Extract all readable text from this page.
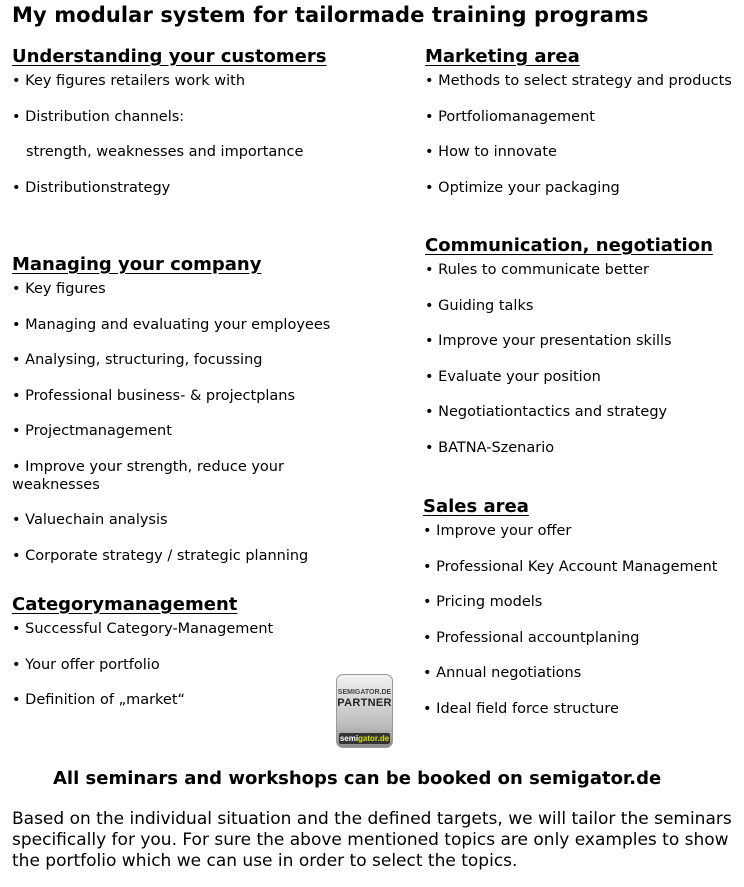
My modular system for tailormade training programs
Understanding your customers
• Key figures retailers work with
• Distribution channels:
strength, weaknesses and importance
• Distributionstrategy
Managing your company
• Key figures
• Managing and evaluating your employees
• Analysing, structuring, focussing
• Professional business- & projectplans
• Projectmanagement
• Improve your strength, reduce your weaknesses
• Valuechain analysis
• Corporate strategy / strategic planning
Categorymanagement
• Successful Category-Management
• Your offer portfolio
• Definition of „market“
Marketing area
• Methods to select strategy and products
• Portfoliomanagement
• How to innovate
• Optimize your packaging
Communication, negotiation
• Rules to communicate better
• Guiding talks
• Improve your presentation skills
• Evaluate your position
• Negotiationtactics and strategy
• BATNA-Szenario
Sales area
• Improve your offer
• Professional Key Account Management
• Pricing models
• Professional accountplaning
• Annual negotiations
• Ideal field force structure
SEMIGATOR.DE
PARTNER
semigator.de
All seminars and workshops can be booked on semigator.de
Based on the individual situation and the defined targets, we will tailor the seminars specifically for you. For sure the above mentioned topics are only examples to show the portfolio which we can use in order to select the topics.
